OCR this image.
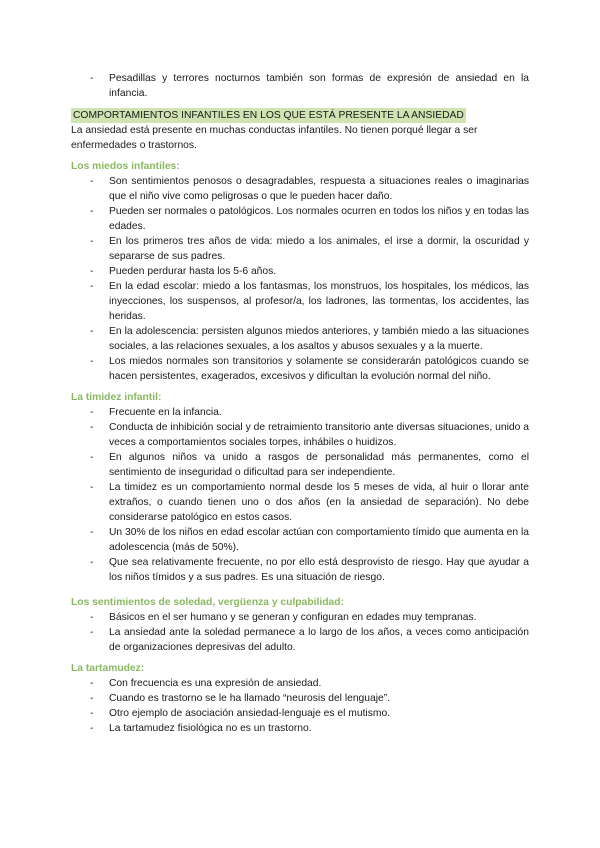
- Pesadillas y terrores nocturnos también son formas de expresión de ansiedad en la infancia.
COMPORTAMIENTOS INFANTILES EN LOS QUE ESTÁ PRESENTE LA ANSIEDAD

La ansiedad está presente en muchas conductas infantiles. No tienen porqué llegar a ser enfermedades o trastornos.

Los miedos infantiles:

- Son sentimientos penosos o desagradables, respuesta a situaciones reales o imaginarias que el niño vive como peligrosas o que le pueden hacer daño.
- Pueden ser normales o patológicos. Los normales ocurren en todos los niños y en todas las edades.
- En los primeros tres años de vida: miedo a los animales, el irse a dormir, la oscuridad y separarse de sus padres.
- Pueden perdurar hasta los 5-6 años.
- En la edad escolar: miedo a los fantasmas, los monstruos, los hospitales, los médicos, las inyecciones, los suspensos, al profesor/a, los ladrones, las tormentas, los accidentes, las heridas.
- En la adolescencia: persisten algunos miedos anteriores, y también miedo a las situaciones sociales, a las relaciones sexuales, a los asaltos y abusos sexuales y a la muerte.
- Los miedos normales son transitorios y solamente se considerarán patológicos cuando se hacen persistentes, exagerados, excesivos y dificultan la evolución normal del niño.

La timidez infantil:

- Frecuente en la infancia.
- Conducta de inhibición social y de retraimiento transitorio ante diversas situaciones, unido a veces a comportamientos sociales torpes, inhábiles o huidizos.
- En algunos niños va unido a rasgos de personalidad más permanentes, como el sentimiento de inseguridad o dificultad para ser independiente.
- La timidez es un comportamiento normal desde los 5 meses de vida, al huir o llorar ante extraños, o cuando tienen uno o dos años (en la ansiedad de separación). No debe considerarse patológico en estos casos.
- Un 30% de los niños en edad escolar actúan con comportamiento tímido que aumenta en la adolescencia (más de 50%).
- Que sea relativamente frecuente, no por ello está desprovisto de riesgo. Hay que ayudar a los niños tímidos y a sus padres. Es una situación de riesgo.

Los sentimientos de soledad, vergüenza y culpabilidad:

- Básicos en el ser humano y se generan y configuran en edades muy tempranas.
- La ansiedad ante la soledad permanece a lo largo de los años, a veces como anticipación de organizaciones depresivas del adulto.

La tartamudez:

- Con frecuencia es una expresión de ansiedad.
- Cuando es trastorno se le ha llamado “neurosis del lenguaje”.
- Otro ejemplo de asociación ansiedad-lenguaje es el mutismo.
- La tartamudez fisiológica no es un trastorno.
